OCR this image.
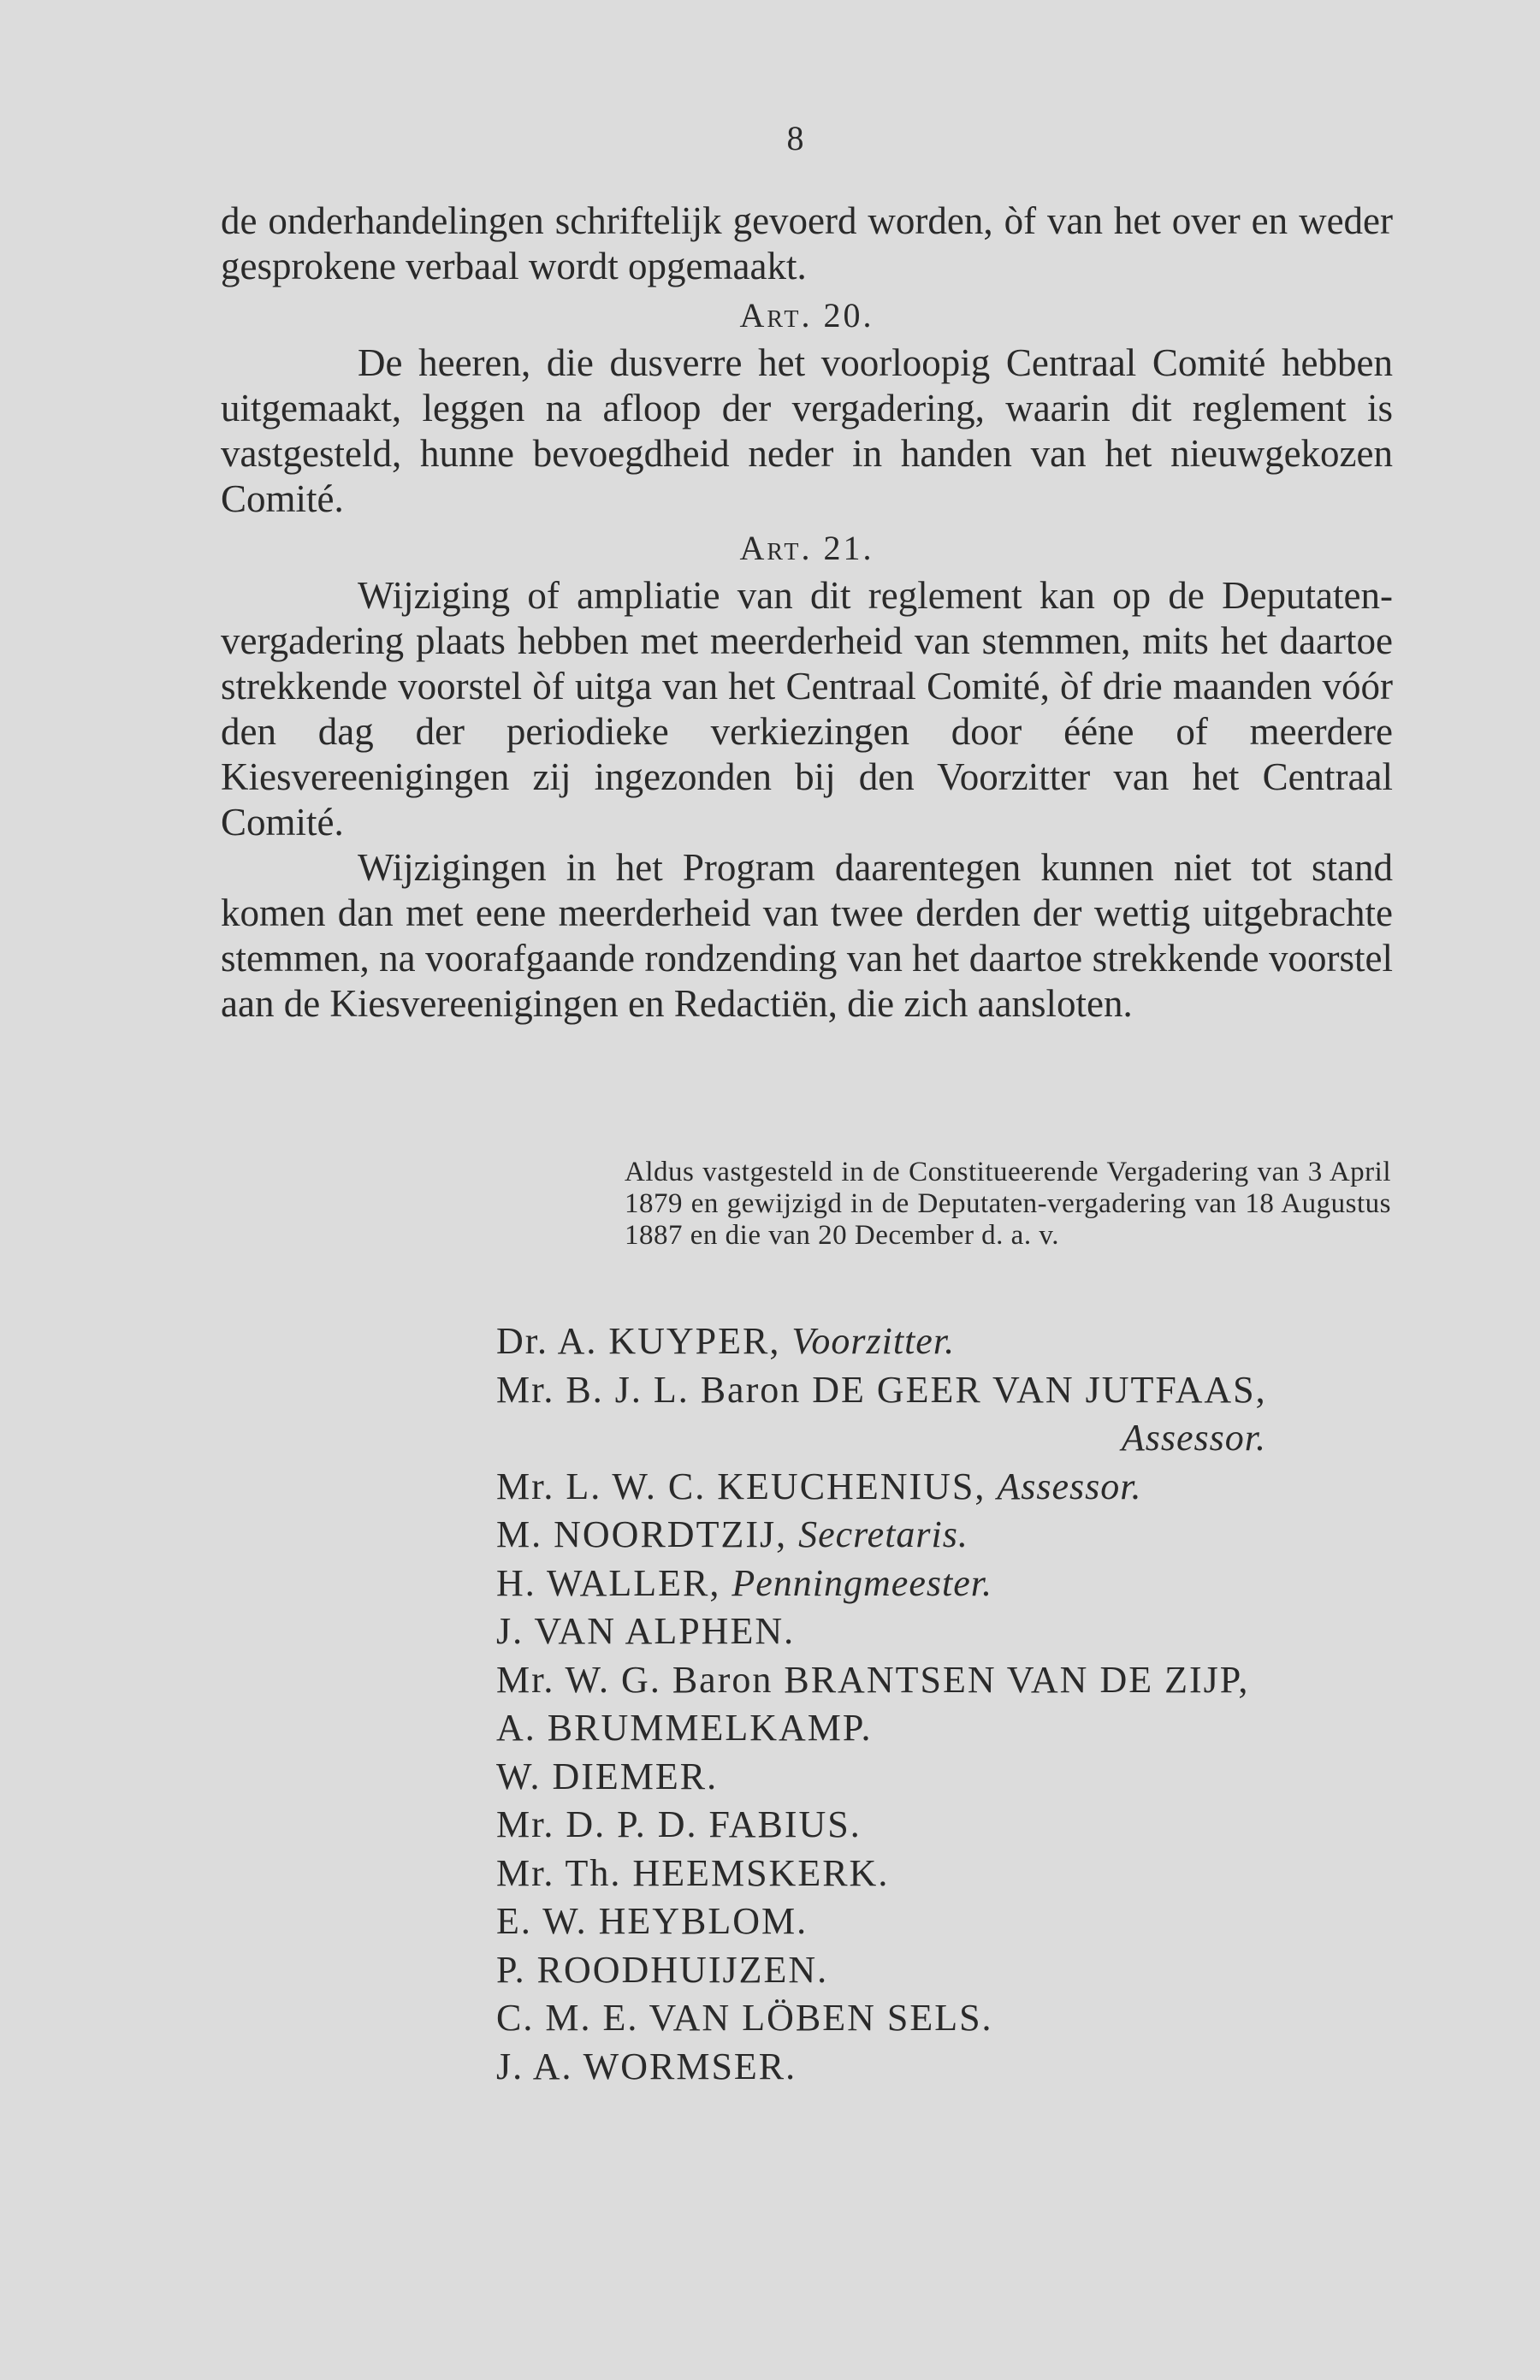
8

de onderhandelingen schriftelijk gevoerd worden, òf van het over en weder gesprokene verbaal wordt opgemaakt.

Art. 20.

De heeren, die dusverre het voorloopig Centraal Comité hebben uitgemaakt, leggen na afloop der vergadering, waarin dit reglement is vastgesteld, hunne bevoegdheid neder in handen van het nieuwgekozen Comité.

Art. 21.

Wijziging of ampliatie van dit reglement kan op de Deputaten-vergadering plaats hebben met meerderheid van stemmen, mits het daartoe strekkende voorstel òf uitga van het Centraal Comité, òf drie maanden vóór den dag der periodieke verkiezingen door ééne of meerdere Kiesvereenigingen zij ingezonden bij den Voorzitter van het Centraal Comité.

Wijzigingen in het Program daarentegen kunnen niet tot stand komen dan met eene meerderheid van twee derden der wettig uitgebrachte stemmen, na voorafgaande rondzending van het daartoe strekkende voorstel aan de Kiesvereenigingen en Redactiën, die zich aansloten.

Aldus vastgesteld in de Constitueerende Vergadering van 3 April 1879 en gewijzigd in de Deputaten-vergadering van 18 Augustus 1887 en die van 20 December d. a. v.
Dr. A. KUYPER, Voorzitter.
Mr. B. J. L. Baron DE GEER VAN JUTFAAS,
Assessor.
Mr. L. W. C. KEUCHENIUS, Assessor.
M. NOORDTZIJ, Secretaris.
H. WALLER, Penningmeester.
J. VAN ALPHEN.
Mr. W. G. Baron BRANTSEN VAN DE ZIJP,
A. BRUMMELKAMP.
W. DIEMER.
Mr. D. P. D. FABIUS.
Mr. Th. HEEMSKERK.
E. W. HEYBLOM.
P. ROODHUIJZEN.
C. M. E. VAN LÖBEN SELS.
J. A. WORMSER.
